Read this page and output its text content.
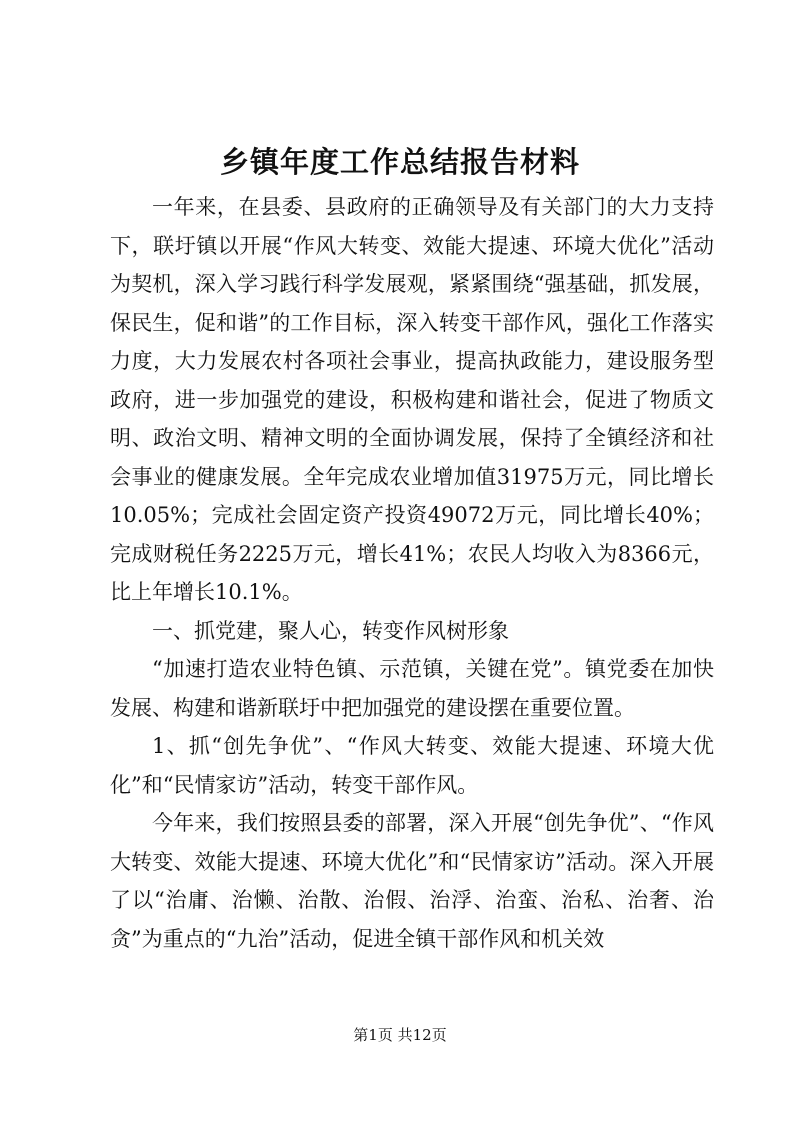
乡镇年度工作总结报告材料

一年来，在县委、县政府的正确领导及有关部门的大力支持下，联圩镇以开展“作风大转变、效能大提速、环境大优化”活动为契机，深入学习践行科学发展观，紧紧围绕“强基础，抓发展，保民生，促和谐”的工作目标，深入转变干部作风，强化工作落实力度，大力发展农村各项社会事业，提高执政能力，建设服务型政府，进一步加强党的建设，积极构建和谐社会，促进了物质文明、政治文明、精神文明的全面协调发展，保持了全镇经济和社会事业的健康发展。全年完成农业增加值31975万元，同比增长10.05%；完成社会固定资产投资49072万元，同比增长40%；完成财税任务2225万元，增长41%；农民人均收入为8366元，比上年增长10.1%。

一、抓党建，聚人心，转变作风树形象

“加速打造农业特色镇、示范镇，关键在党”。镇党委在加快发展、构建和谐新联圩中把加强党的建设摆在重要位置。

1、抓“创先争优”、“作风大转变、效能大提速、环境大优化”和“民情家访”活动，转变干部作风。

今年来，我们按照县委的部署，深入开展“创先争优”、“作风大转变、效能大提速、环境大优化”和“民情家访”活动。深入开展了以“治庸、治懒、治散、治假、治浮、治蛮、治私、治奢、治贪”为重点的“九治”活动，促进全镇干部作风和机关效

第1页 共12页
